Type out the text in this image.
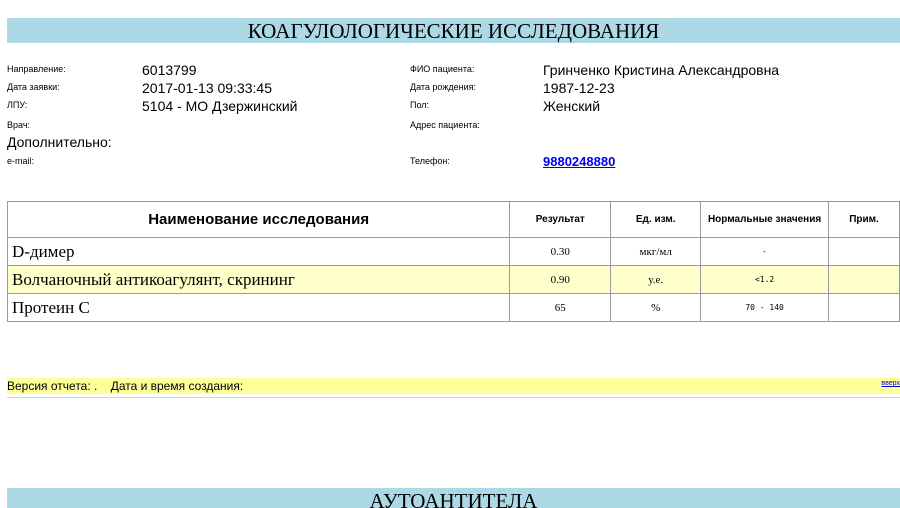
КОАГУЛОЛОГИЧЕСКИЕ ИССЛЕДОВАНИЯ
Направление:	6013799
Дата заявки:	2017-01-13 09:33:45
ЛПУ:	5104 - МО Дзержинский
Врач:
Дополнительно:
e-mail:
ФИО пациента:	Гринченко Кристина Александровна
Дата рождения:	1987-12-23
Пол:	Женский
Адрес пациента:
Телефон:	9880248880
Наименование исследования	Результат	Ед. изм.	Нормальные значения	Прим.
D-димер	0.30	мкг/мл	-	
Волчаночный антикоагулянт, скрининг	0.90	у.е.	<1.2	
Протеин С	65	%	70 - 140	
Версия отчета: .    Дата и время создания:	вверх
АУТОАНТИТЕЛА
